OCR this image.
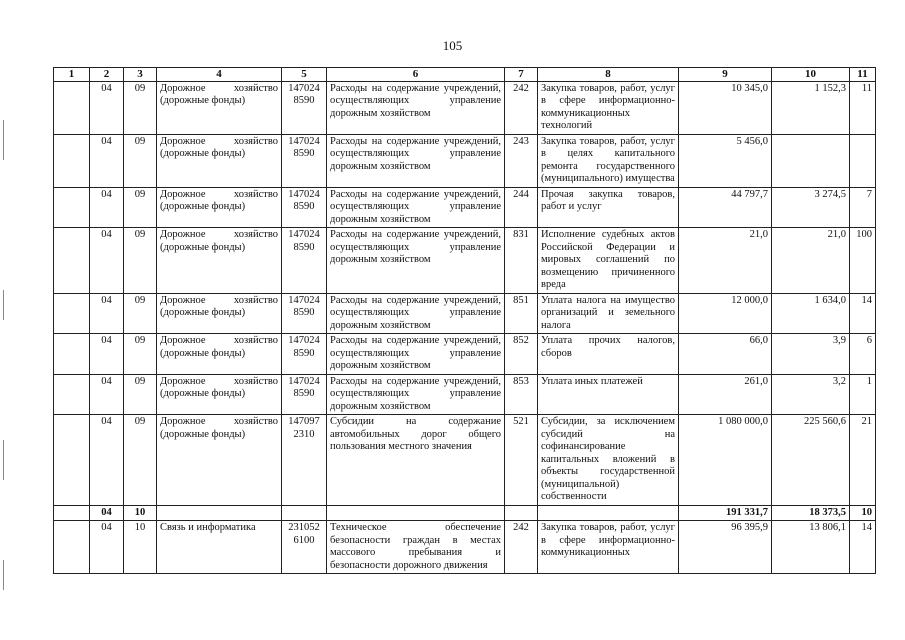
105
1	2	3	4	5	6	7	8	9	10	11
	04	09	Дорожное хозяйство (дорожные фонды)	147024 8590	Расходы на содержание учреждений, осуществляющих управление дорожным хозяйством	242	Закупка товаров, работ, услуг в сфере информационно-коммуникационных технологий	10 345,0	1 152,3	11
	04	09	Дорожное хозяйство (дорожные фонды)	147024 8590	Расходы на содержание учреждений, осуществляющих управление дорожным хозяйством	243	Закупка товаров, работ, услуг в целях капитального ремонта государственного (муниципального) имущества	5 456,0		
	04	09	Дорожное хозяйство (дорожные фонды)	147024 8590	Расходы на содержание учреждений, осуществляющих управление дорожным хозяйством	244	Прочая закупка товаров, работ и услуг	44 797,7	3 274,5	7
	04	09	Дорожное хозяйство (дорожные фонды)	147024 8590	Расходы на содержание учреждений, осуществляющих управление дорожным хозяйством	831	Исполнение судебных актов Российской Федерации и мировых соглашений по возмещению причиненного вреда	21,0	21,0	100
	04	09	Дорожное хозяйство (дорожные фонды)	147024 8590	Расходы на содержание учреждений, осуществляющих управление дорожным хозяйством	851	Уплата налога на имущество организаций и земельного налога	12 000,0	1 634,0	14
	04	09	Дорожное хозяйство (дорожные фонды)	147024 8590	Расходы на содержание учреждений, осуществляющих управление дорожным хозяйством	852	Уплата прочих налогов, сборов	66,0	3,9	6
	04	09	Дорожное хозяйство (дорожные фонды)	147024 8590	Расходы на содержание учреждений, осуществляющих управление дорожным хозяйством	853	Уплата иных платежей	261,0	3,2	1
	04	09	Дорожное хозяйство (дорожные фонды)	147097 2310	Субсидии на содержание автомобильных дорог общего пользования местного значения	521	Субсидии, за исключением субсидий на софинансирование капитальных вложений в объекты государственной (муниципальной) собственности	1 080 000,0	225 560,6	21
	04	10						191 331,7	18 373,5	10
	04	10	Связь и информатика	231052 6100	Техническое обеспечение безопасности граждан в местах массового пребывания и безопасности дорожного движения	242	Закупка товаров, работ, услуг в сфере информационно-коммуникационных	96 395,9	13 806,1	14
